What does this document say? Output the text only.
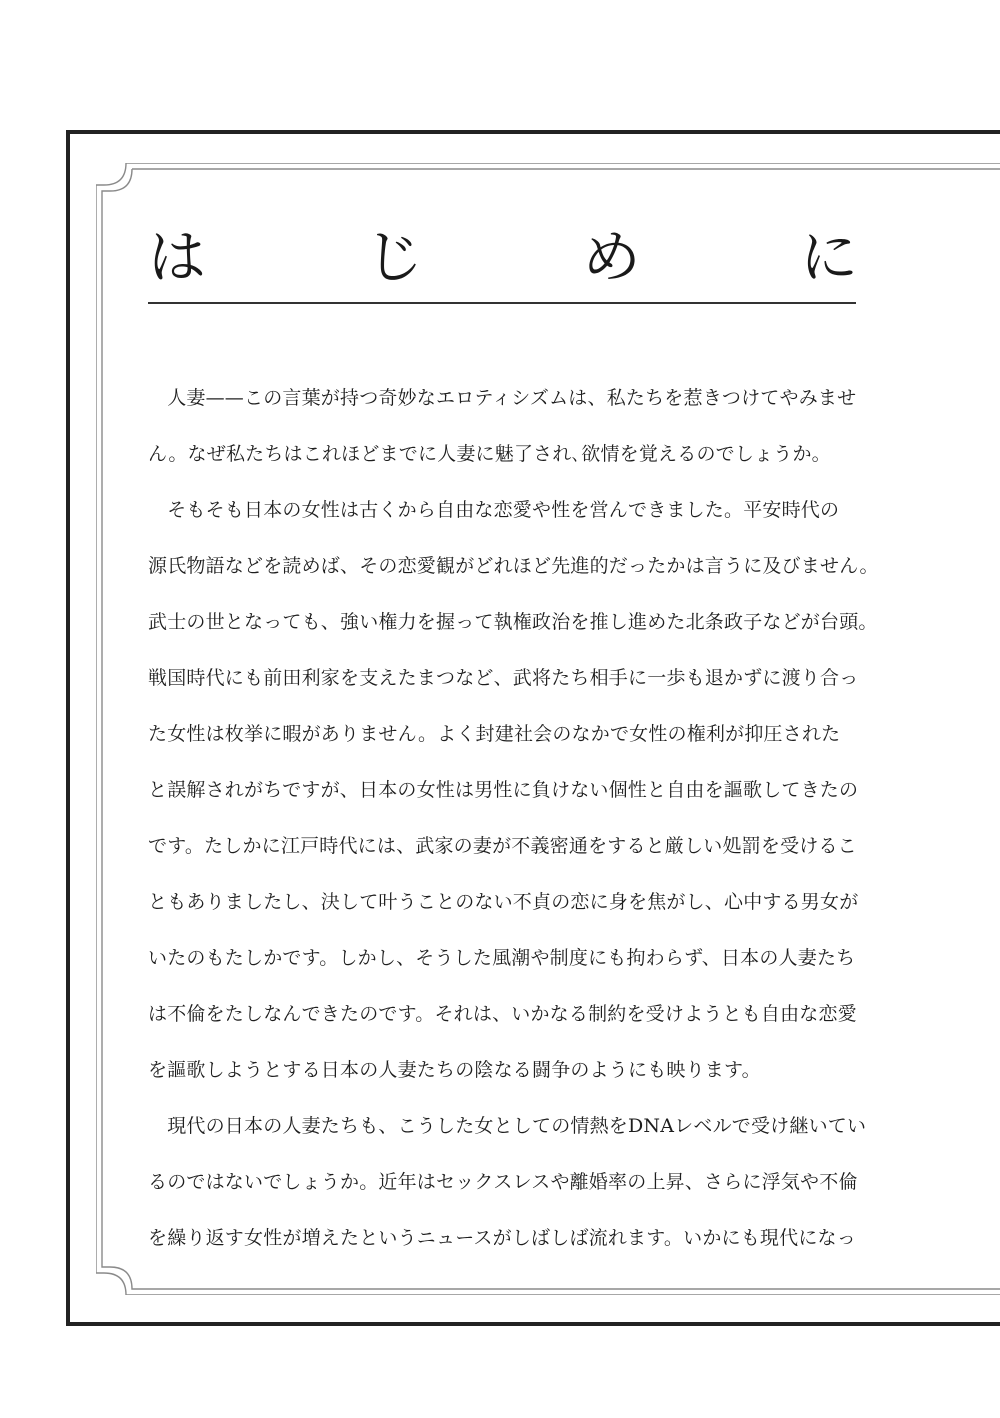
は	じ	め	に
　人妻——この言葉が持つ奇妙なエロティシズムは、私たちを惹きつけてやみませ
ん。なぜ私たちはこれほどまでに人妻に魅了され､欲情を覚えるのでしょうか。
　そもそも日本の女性は古くから自由な恋愛や性を営んできました。平安時代の
源氏物語などを読めば、その恋愛観がどれほど先進的だったかは言うに及びません。
武士の世となっても、強い権力を握って執権政治を推し進めた北条政子などが台頭。
戦国時代にも前田利家を支えたまつなど、武将たち相手に一歩も退かずに渡り合っ
た女性は枚挙に暇がありません。よく封建社会のなかで女性の権利が抑圧された
と誤解されがちですが、日本の女性は男性に負けない個性と自由を謳歌してきたの
です。たしかに江戸時代には、武家の妻が不義密通をすると厳しい処罰を受けるこ
ともありましたし、決して叶うことのない不貞の恋に身を焦がし、心中する男女が
いたのもたしかです。しかし、そうした風潮や制度にも拘わらず、日本の人妻たち
は不倫をたしなんできたのです。それは、いかなる制約を受けようとも自由な恋愛
を謳歌しようとする日本の人妻たちの陰なる闘争のようにも映ります。
　現代の日本の人妻たちも、こうした女としての情熱をDNAレベルで受け継いてい
るのではないでしょうか。近年はセックスレスや離婚率の上昇、さらに浮気や不倫
を繰り返す女性が増えたというニュースがしばしば流れます。いかにも現代になっ
